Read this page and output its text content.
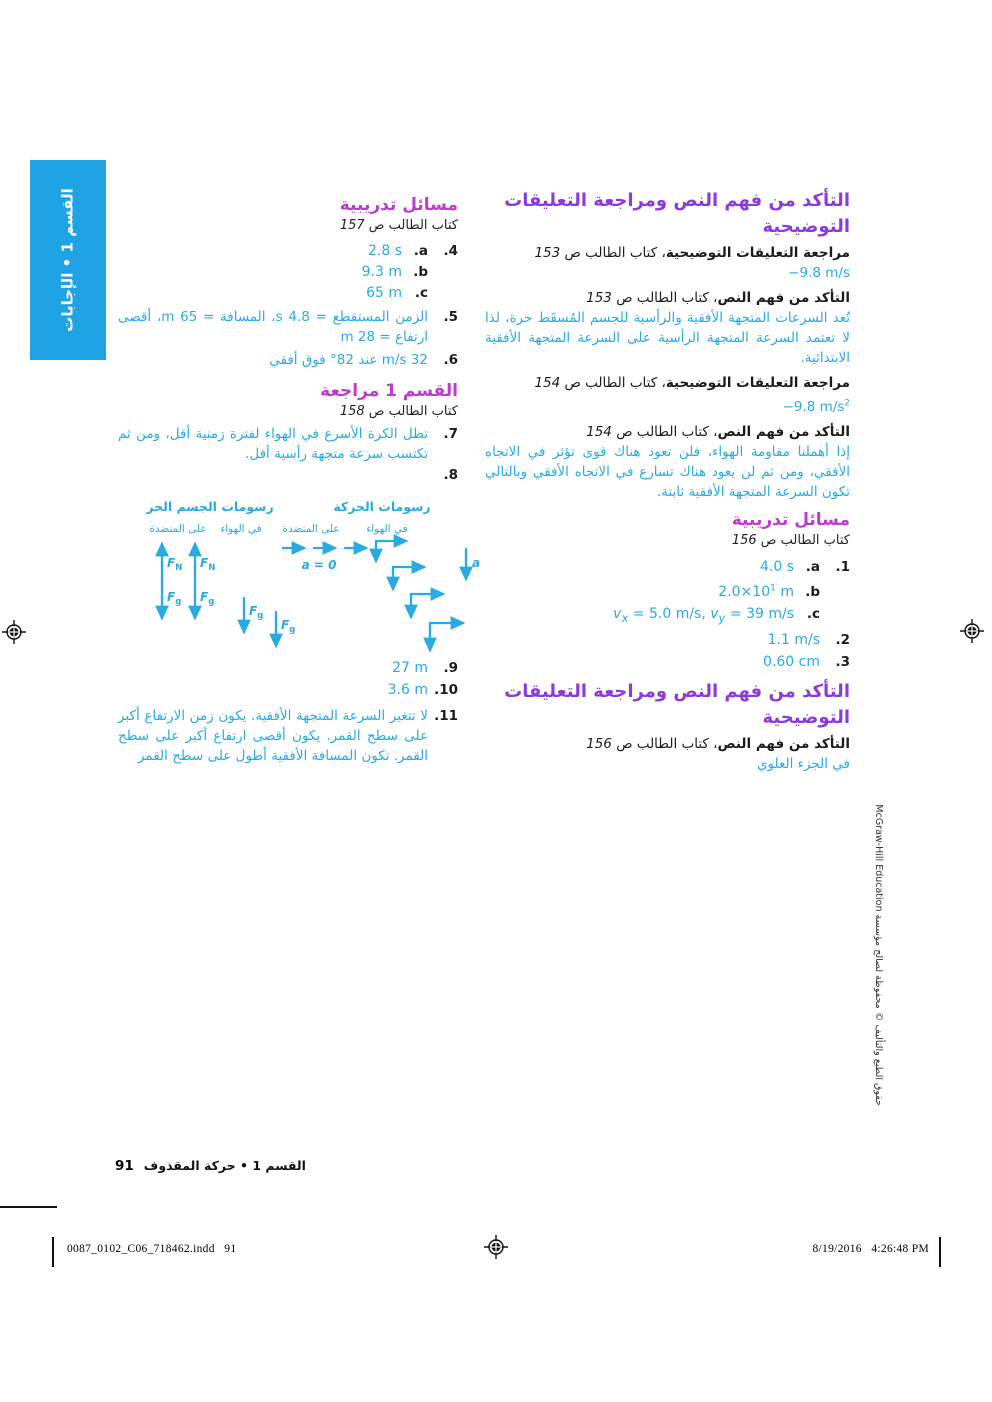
القسم 1 • الإجابات	التأكد من فهم النص ومراجعة التعليقات التوضيحية

مراجعة التعليقات التوضيحية، كتاب الطالب ص 153

−9.8 m/s

التأكد من فهم النص، كتاب الطالب ص 153

تُعد السرعات المتجهة الأفقية والرأسية للجسم المُسقَط حرة، لذا لا تعتمد السرعة المتجهة الرأسية على السرعة المتجهة الأفقية الابتدائية.

مراجعة التعليقات التوضيحية، كتاب الطالب ص 154

−9.8 $m/s^2$

التأكد من فهم النص، كتاب الطالب ص 154

إذا أهملنا مقاومة الهواء، فلن تعود هناك قوى تؤثر في الاتجاه الأفقي، ومن ثم لن يعود هناك تسارع في الاتجاه الأفقي وبالتالي تكون السرعة المتجهة الأفقية ثابتة.

مسائل تدريبية

كتاب الطالب ص 156

1.
a.
4.0 s
b.
$2.0\times 10^1$ m
c.
$v_x = 5.0$ m/s, $v_y = 39$ m/s
2.
1.1 m/s
3.
0.60 cm

التأكد من فهم النص ومراجعة التعليقات التوضيحية

التأكد من فهم النص، كتاب الطالب ص 156

في الجزء العلوي

مسائل تدريبية

كتاب الطالب ص 157

4.
a.
2.8 s
b.
9.3 m
c.
65 m
5.
الزمن المستقطع = 4.8 s، المسافة = 65 m، أقصى ارتفاع = 28 m
6.
32 m/s عند 82° فوق أفقي

القسم 1 مراجعة

كتاب الطالب ص 158

7.
تظل الكرة الأسرع في الهواء لفترة زمنية أقل، ومن ثم تكتسب سرعة متجهة رأسية أقل.
8.
9.
27 m
10.
3.6 m
11.
لا تتغير السرعة المتجهة الأفقية. يكون زمن الارتفاع أكبر على سطح القمر. يكون أقصى ارتفاع أكبر على سطح القمر. تكون المسافة الأفقية أطول على سطح القمر
رسومات الجسم الحر	رسومات الحركة
على المنضدة في الهواء على المنضدة	في الهواء
$F_N$
$F_g$
$F_N$
$F_g$
$F_g$
$F_g$
a = 0	a
القسم 1 • حركة المقذوف
91
0087_0102_C06_718462.indd   91	8/19/2016   4:26:48 PM
حقوق الطبع والتأليف © محفوظة لصالح مؤسسة McGraw-Hill Education
